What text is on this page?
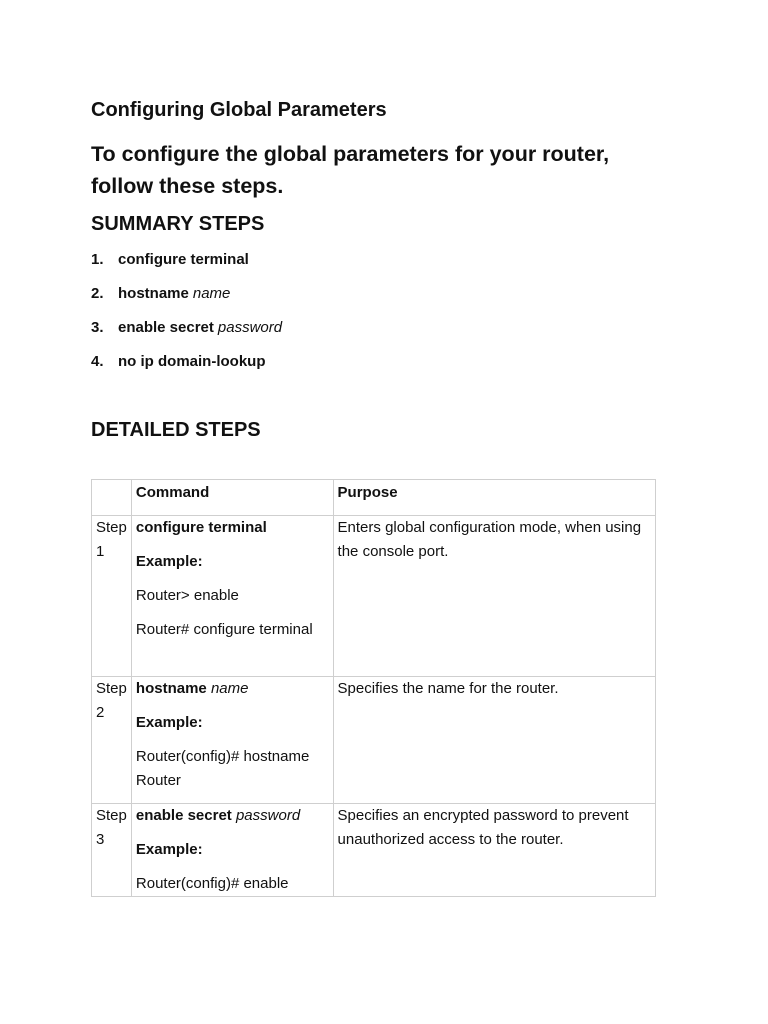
Configuring Global Parameters
To configure the global parameters for your router, follow these steps.
SUMMARY STEPS
1. configure terminal
2. hostname name
3. enable secret password
4. no ip domain-lookup
DETAILED STEPS
	Command	Purpose
Step 1	configure terminal

Example:

Router> enable

Router# configure terminal	Enters global configuration mode, when using the console port.

Step 2	hostname name

Example:

Router(config)# hostname Router	Specifies the name for the router.

Step 3	enable secret password

Example:

Router(config)# enable	Specifies an encrypted password to prevent unauthorized access to the router.
